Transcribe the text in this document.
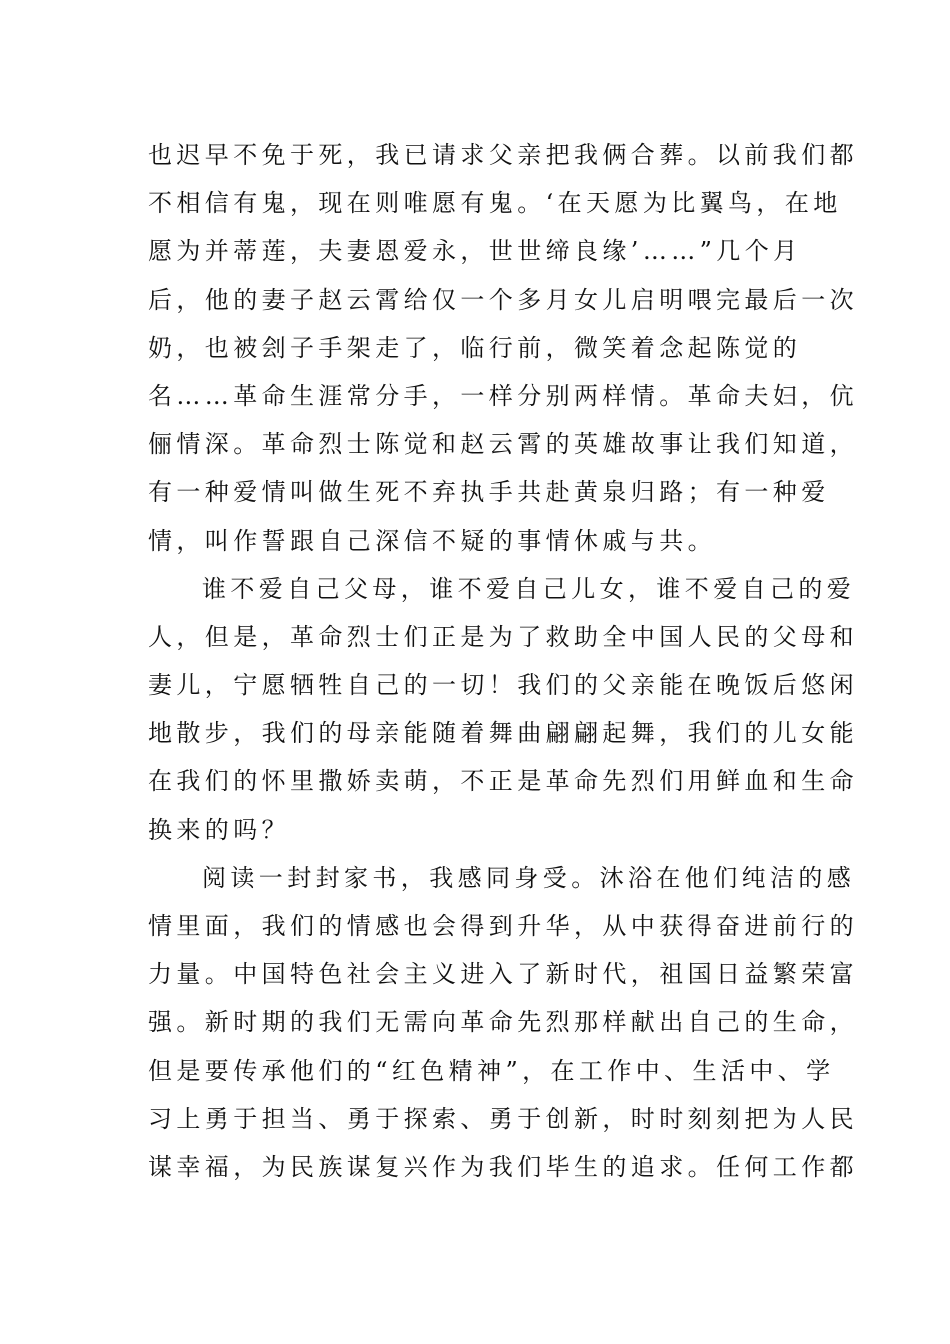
也迟早不免于死，我已请求父亲把我俩合葬。以前我们都
不相信有鬼，现在则唯愿有鬼。‘在天愿为比翼鸟，在地
愿为并蒂莲，夫妻恩爱永，世世缔良缘’……”几个月
后，他的妻子赵云霄给仅一个多月女儿启明喂完最后一次
奶，也被刽子手架走了，临行前，微笑着念起陈觉的
名……革命生涯常分手，一样分别两样情。革命夫妇，伉
俪情深。革命烈士陈觉和赵云霄的英雄故事让我们知道，
有一种爱情叫做生死不弃执手共赴黄泉归路；有一种爱
情，叫作誓跟自己深信不疑的事情休戚与共。
谁不爱自己父母，谁不爱自己儿女，谁不爱自己的爱
人，但是，革命烈士们正是为了救助全中国人民的父母和
妻儿，宁愿牺牲自己的一切！我们的父亲能在晚饭后悠闲
地散步，我们的母亲能随着舞曲翩翩起舞，我们的儿女能
在我们的怀里撒娇卖萌，不正是革命先烈们用鲜血和生命
换来的吗？
阅读一封封家书，我感同身受。沐浴在他们纯洁的感
情里面，我们的情感也会得到升华，从中获得奋进前行的
力量。中国特色社会主义进入了新时代，祖国日益繁荣富
强。新时期的我们无需向革命先烈那样献出自己的生命，
但是要传承他们的“红色精神”，在工作中、生活中、学
习上勇于担当、勇于探索、勇于创新，时时刻刻把为人民
谋幸福，为民族谋复兴作为我们毕生的追求。任何工作都
